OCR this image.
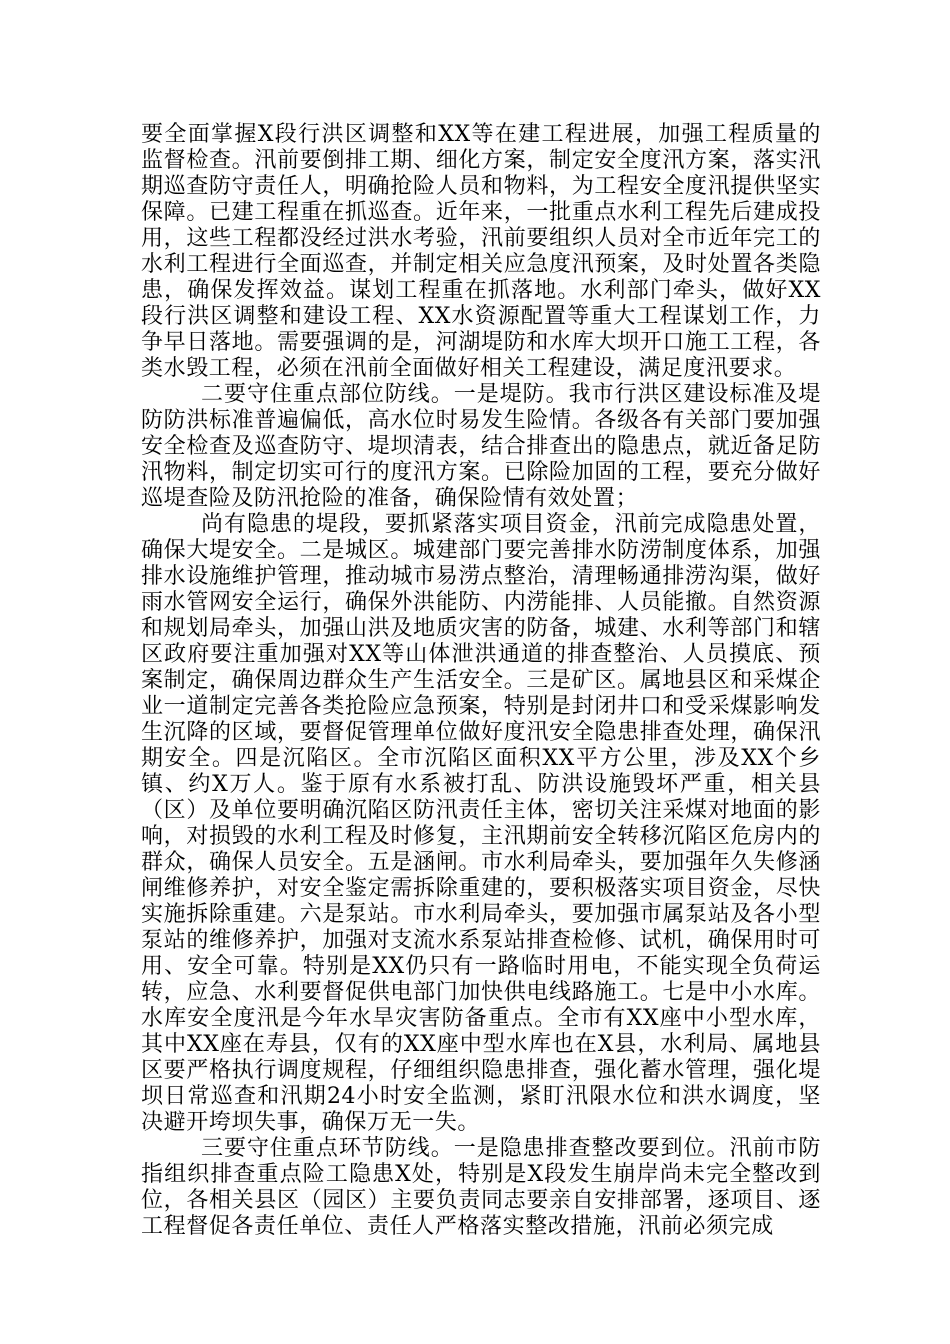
要全面掌握X段行洪区调整和XX等在建工程进展，加强工程质量的监督检查。汛前要倒排工期、细化方案，制定安全度汛方案，落实汛期巡查防守责任人，明确抢险人员和物料，为工程安全度汛提供坚实保障。已建工程重在抓巡查。近年来，一批重点水利工程先后建成投用，这些工程都没经过洪水考验，汛前要组织人员对全市近年完工的水利工程进行全面巡查，并制定相关应急度汛预案，及时处置各类隐患，确保发挥效益。谋划工程重在抓落地。水利部门牵头，做好XX段行洪区调整和建设工程、XX水资源配置等重大工程谋划工作，力争早日落地。需要强调的是，河湖堤防和水库大坝开口施工工程，各类水毁工程，必须在汛前全面做好相关工程建设，满足度汛要求。

二要守住重点部位防线。一是堤防。我市行洪区建设标准及堤防防洪标准普遍偏低，高水位时易发生险情。各级各有关部门要加强安全检查及巡查防守、堤坝清表，结合排查出的隐患点，就近备足防汛物料，制定切实可行的度汛方案。已除险加固的工程，要充分做好巡堤查险及防汛抢险的准备，确保险情有效处置；

尚有隐患的堤段，要抓紧落实项目资金，汛前完成隐患处置，确保大堤安全。二是城区。城建部门要完善排水防涝制度体系，加强排水设施维护管理，推动城市易涝点整治，清理畅通排涝沟渠，做好雨水管网安全运行，确保外洪能防、内涝能排、人员能撤。自然资源和规划局牵头，加强山洪及地质灾害的防备，城建、水利等部门和辖区政府要注重加强对XX等山体泄洪通道的排查整治、人员摸底、预案制定，确保周边群众生产生活安全。三是矿区。属地县区和采煤企业一道制定完善各类抢险应急预案，特别是封闭井口和受采煤影响发生沉降的区域，要督促管理单位做好度汛安全隐患排查处理，确保汛期安全。四是沉陷区。全市沉陷区面积XX平方公里，涉及XX个乡镇、约X万人。鉴于原有水系被打乱、防洪设施毁坏严重，相关县（区）及单位要明确沉陷区防汛责任主体，密切关注采煤对地面的影响，对损毁的水利工程及时修复，主汛期前安全转移沉陷区危房内的群众，确保人员安全。五是涵闸。市水利局牵头，要加强年久失修涵闸维修养护，对安全鉴定需拆除重建的，要积极落实项目资金，尽快实施拆除重建。六是泵站。市水利局牵头，要加强市属泵站及各小型泵站的维修养护，加强对支流水系泵站排查检修、试机，确保用时可用、安全可靠。特别是XX仍只有一路临时用电，不能实现全负荷运转，应急、水利要督促供电部门加快供电线路施工。七是中小水库。水库安全度汛是今年水旱灾害防备重点。全市有XX座中小型水库，其中XX座在寿县，仅有的XX座中型水库也在X县，水利局、属地县区要严格执行调度规程，仔细组织隐患排查，强化蓄水管理，强化堤坝日常巡查和汛期24小时安全监测，紧盯汛限水位和洪水调度，坚决避开垮坝失事，确保万无一失。

三要守住重点环节防线。一是隐患排查整改要到位。汛前市防指组织排查重点险工隐患X处，特别是X段发生崩岸尚未完全整改到位，各相关县区（园区）主要负责同志要亲自安排部署，逐项目、逐工程督促各责任单位、责任人严格落实整改措施，汛前必须完成
